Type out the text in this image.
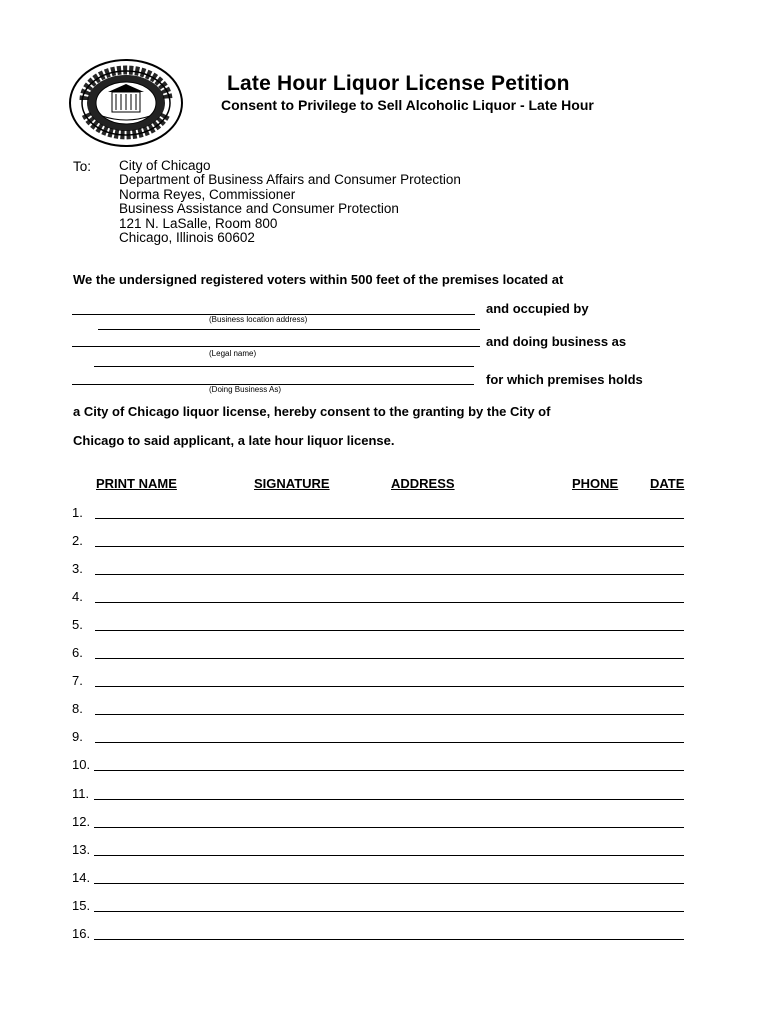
Late Hour Liquor License Petition
Consent to Privilege to Sell Alcoholic Liquor - Late Hour
To: City of Chicago
Department of Business Affairs and Consumer Protection
Norma Reyes, Commissioner
Business Assistance and Consumer Protection
121 N. LaSalle, Room 800
Chicago, Illinois 60602
We the undersigned registered voters within 500 feet of the premises located at
and occupied by
(Business location address)
and doing business as
(Legal name)
for which premises holds
(Doing Business As)
a City of Chicago liquor license, hereby consent to the granting by the City of
Chicago to said applicant, a late hour liquor license.
PRINT NAME	SIGNATURE	ADDRESS	PHONE DATE
1.
2.
3.
4.
5.
6.
7.
8.
9.
10.
11.
12.
13.
14.
15.
16.
